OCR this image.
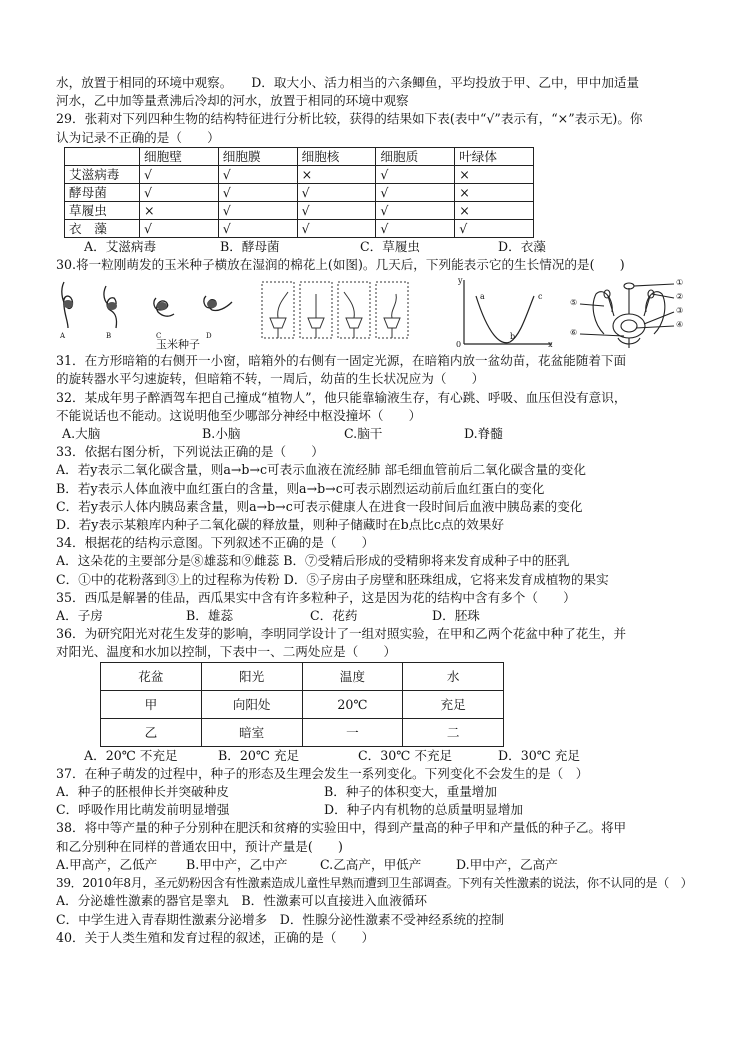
水，放置于相同的环境中观察。　　D．取大小、活力相当的六条鲫鱼，平均投放于甲、乙中，甲中加适量
河水，乙中加等量煮沸后冷却的河水，放置于相同的环境中观察
29．张莉对下列四种生物的结构特征进行分析比较，获得的结果如下表(表中“√”表示有，“×”表示无)。你
认为记录不正确的是（　　）
	细胞壁	细胞膜	细胞核	细胞质	叶绿体
艾滋病毒	√	√	×	√	×
酵母菌	√	√	√	√	×
草履虫	×	√	√	√	×
衣　藻	√	√	√	√	√
A．艾滋病毒	B．酵母菌	C．草履虫	D．衣藻
30.将一粒刚萌发的玉米种子横放在湿润的棉花上(如图)。几天后，下列能表示它的生长情况的是(　　)
A	B	C	D
玉米种子
y
a	c
b
x
0
①
②
③
④
⑤
⑥
31．在方形暗箱的右侧开一小窗，暗箱外的右侧有一固定光源，在暗箱内放一盆幼苗，花盆能随着下面
的旋转器水平匀速旋转，但暗箱不转，一周后，幼苗的生长状况应为（　　）
32．某成年男子醉酒驾车把自己撞成“植物人”，他只能靠输液生存，有心跳、呼吸、血压但没有意识，
不能说话也不能动。这说明他至少哪部分神经中枢没撞坏（　　）
A.大脑	B.小脑	C.脑干	D.脊髓
33．依据右图分析，下列说法正确的是（　　）
A．若y表示二氧化碳含量，则a→b→c可表示血液在流经肺 部毛细血管前后二氧化碳含量的变化
B．若y表示人体血液中血红蛋白的含量，则a→b→c可表示剧烈运动前后血红蛋白的变化
C．若y表示人体内胰岛素含量，则a→b→c可表示健康人在进食一段时间后血液中胰岛素的变化
D．若y表示某粮库内种子二氧化碳的释放量，则种子储藏时在b点比c点的效果好
34．根据花的结构示意图。下列叙述不正确的是（　　）
A．这朵花的主要部分是⑧雄蕊和⑨雌蕊 B．⑦受精后形成的受精卵将来发育成种子中的胚乳
C．①中的花粉落到③上的过程称为传粉 D．⑤子房由子房壁和胚珠组成，它将来发育成植物的果实
35．西瓜是解暑的佳品，西瓜果实中含有许多粒种子，这是因为花的结构中含有多个（　　）
A．子房	B．雄蕊	C．花药	D．胚珠
36．为研究阳光对花生发芽的影响，李明同学设计了一组对照实验，在甲和乙两个花盆中种了花生，并
对阳光、温度和水加以控制，下表中一、二两处应是（　　）
花盆	阳光	温度	水
甲	向阳处	20℃	充足
乙	暗室	一	二
A．20℃ 不充足	B．20℃ 充足	C．30℃ 不充足	D．30℃ 充足
37．在种子萌发的过程中，种子的形态及生理会发生一系列变化。下列变化不会发生的是（　）
A．种子的胚根伸长并突破种皮	B．种子的体积变大，重量增加
C．呼吸作用比萌发前明显增强	D．种子内有机物的总质量明显增加
38．将中等产量的种子分别种在肥沃和贫瘠的实验田中，得到产量高的种子甲和产量低的种子乙。将甲
和乙分别种在同样的普通农田中，预计产量是(　　)
A.甲高产，乙低产	B.甲中产，乙中产	C.乙高产，甲低产	D.甲中产，乙高产
39．2010年8月，圣元奶粉因含有性激素造成儿童性早熟而遭到卫生部调查。下列有关性激素的说法，你不认同的是（　）
A．分泌雄性激素的器官是睾丸　B．性激素可以直接进入血液循环
C．中学生进入青春期性激素分泌增多　D．性腺分泌性激素不受神经系统的控制
40．关于人类生殖和发育过程的叙述，正确的是（　　）
